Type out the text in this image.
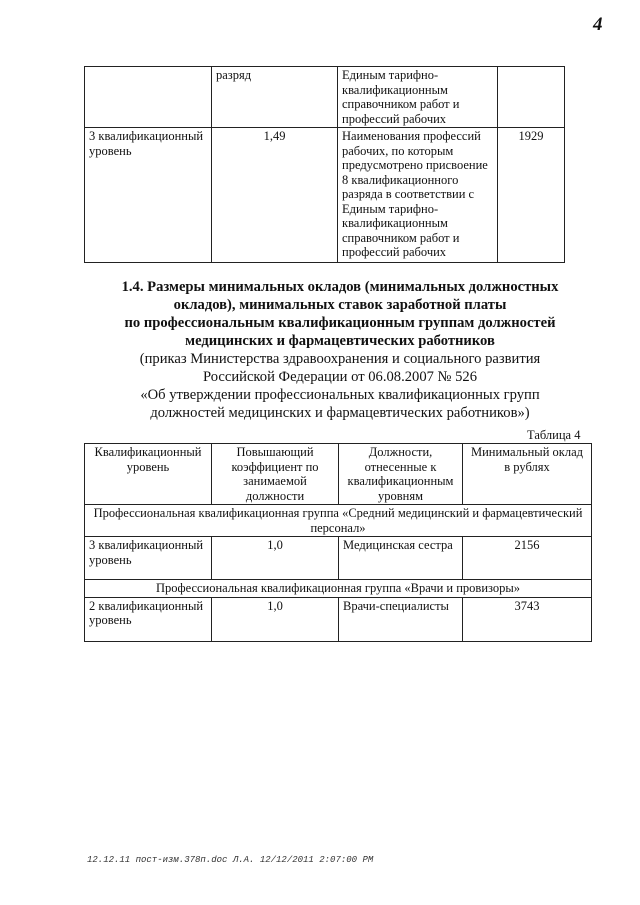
4
	разряд	Единым тарифно-квалификационным справочником работ и профессий рабочих	
3 квалификационный уровень	1,49	Наименования профессий рабочих, по которым предусмотрено присвоение 8 квалификационного разряда в соответствии с Единым тарифно-квалификационным справочником работ и профессий рабочих	1929
1.4. Размеры минимальных окладов (минимальных должностных
окладов), минимальных ставок заработной платы
по профессиональным квалификационным группам должностей
медицинских и фармацевтических работников
(приказ Министерства здравоохранения и социального развития
Российской Федерации от 06.08.2007 № 526
«Об утверждении профессиональных квалификационных групп
должностей медицинских и фармацевтических работников»)
Таблица 4
Квалификационный уровень	Повышающий коэффициент по занимаемой должности	Должности, отнесенные к квалификационным уровням	Минимальный оклад в рублях
Профессиональная квалификационная группа «Средний медицинский и фармацевтический персонал»			
3 квалификационный уровень	1,0	Медицинская сестра	2156
Профессиональная квалификационная группа «Врачи и провизоры»			
2 квалификационный уровень	1,0	Врачи-специалисты	3743
12.12.11 пост-изм.378п.doc Л.А. 12/12/2011 2:07:00 PM
